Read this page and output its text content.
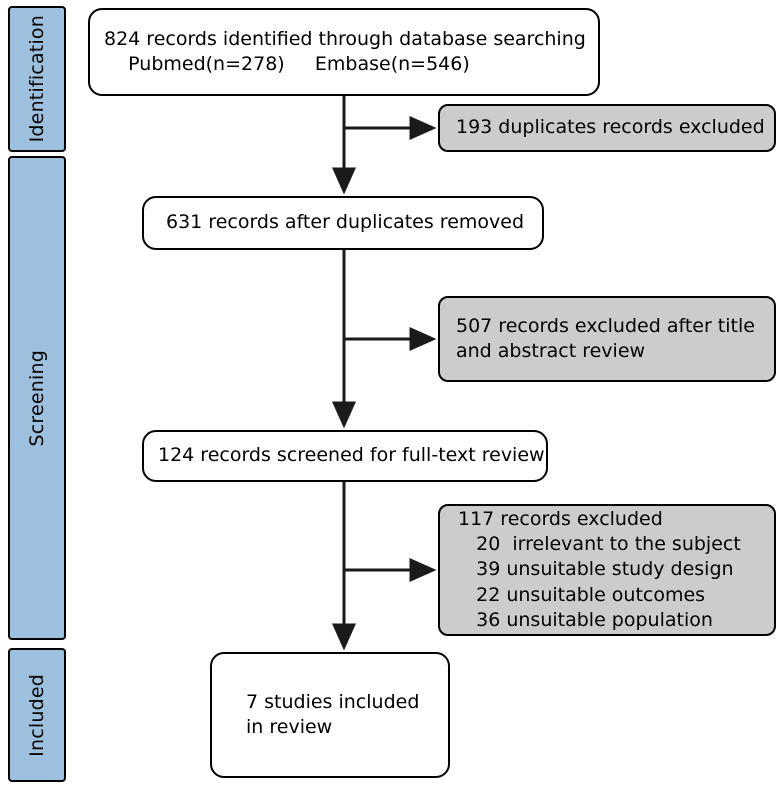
Identification
Screening
Included
824 records identified through database searching
Pubmed(n=278)     Embase(n=546)
193 duplicates records excluded
631 records after duplicates removed
507 records excluded after title
and abstract review
124 records screened for full-text review
117 records excluded
20  irrelevant to the subject
39 unsuitable study design
22 unsuitable outcomes
36 unsuitable population
7 studies included
in review
